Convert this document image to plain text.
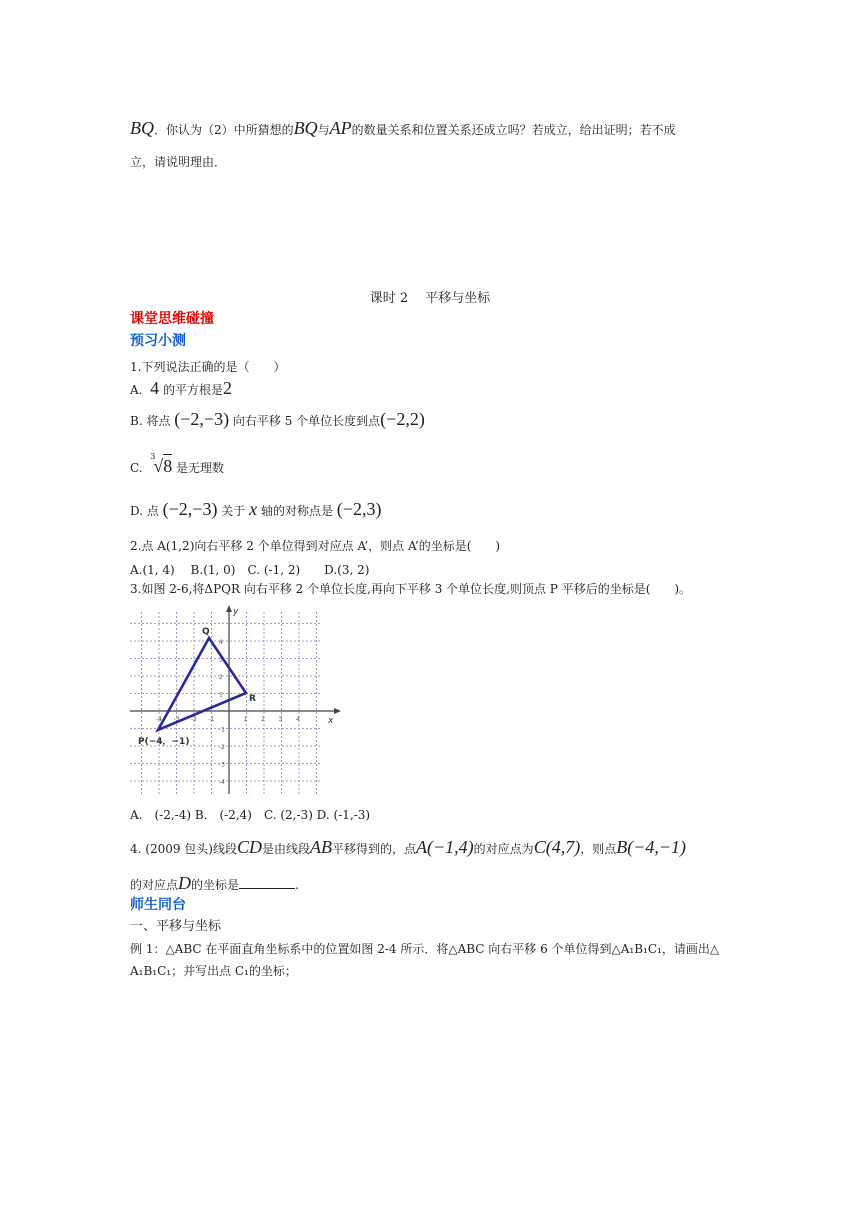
BQ．你认为（2）中所猜想的BQ与AP的数量关系和位置关系还成立吗？若成立，给出证明；若不成
立，请说明理由．
课时 2　 平移与坐标
课堂思维碰撞
预习小测
1.下列说法正确的是（　　）
A. 4 的平方根是2
B. 将点 (−2,−3) 向右平移 5 个单位长度到点(−2,2)
C.  $^3$√8 是无理数
D. 点 (−2,−3) 关于 x 轴的对称点是 (−2,3)
2.点 A(1,2)向右平移 2 个单位得到对应点 A’，则点 A’的坐标是(　　)
A.(1, 4)　 B.(1, 0)　C. (-1, 2)　　D.(3, 2)
3.如图 2-6,将ΔPQR 向右平移 2 个单位长度,再向下平移 3 个单位长度,则顶点 P 平移后的坐标是(　　)。
x
y
-4 -3 -2 -1	1 2 3 4
4
3
2
1
-1
-2
-3
-4
Q
R
P(−4，−1)
A.　(-2,-4) B.　(-2,4)　C. (2,-3) D. (-1,-3)
4. (2009 包头)线段CD是由线段AB平移得到的，点A(−1,4)的对应点为C(4,7)，则点B(−4,−1)
的对应点D的坐标是	.
师生同台
一、平移与坐标
例 1：△ABC 在平面直角坐标系中的位置如图 2-4 所示．将△ABC 向右平移 6 个单位得到△A₁B₁C₁，请画出△
A₁B₁C₁；并写出点 C₁的坐标；
